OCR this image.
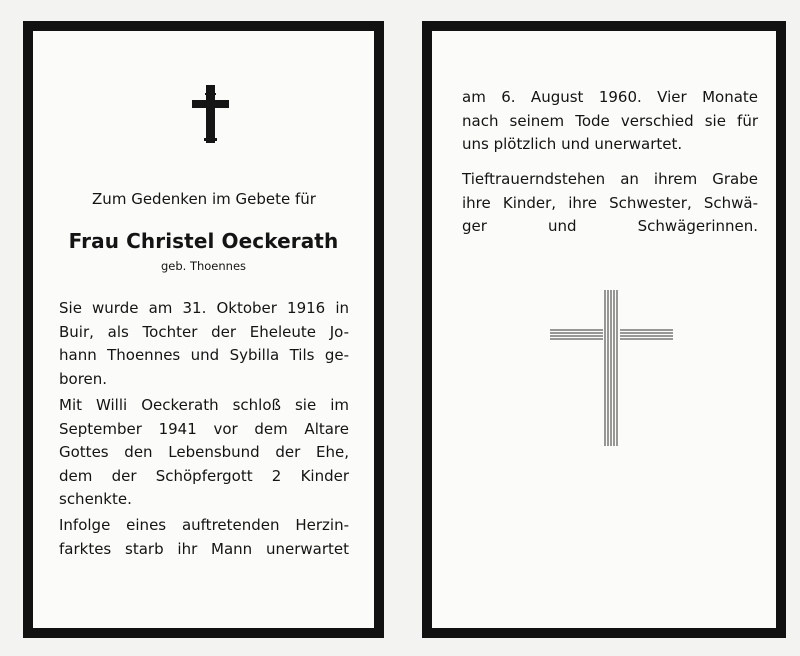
Zum Gedenken im Gebete für
Frau Christel Oeckerath
geb. Thoennes
Sie wurde am 31. Oktober 1916 in
Buir, als Tochter der Eheleute Jo-
hann Thoennes und Sybilla Tils ge-
boren.
Mit Willi Oeckerath schloß sie im
September 1941 vor dem Altare
Gottes den Lebensbund der Ehe,
dem der Schöpfergott 2 Kinder
schenkte.
Infolge eines auftretenden Herzin-
farktes starb ihr Mann unerwartet
am 6. August 1960. Vier Monate
nach seinem Tode verschied sie für
uns plötzlich und unerwartet.
Tieftrauerndstehen an ihrem Grabe
ihre Kinder, ihre Schwester, Schwä-
ger und Schwägerinnen.
